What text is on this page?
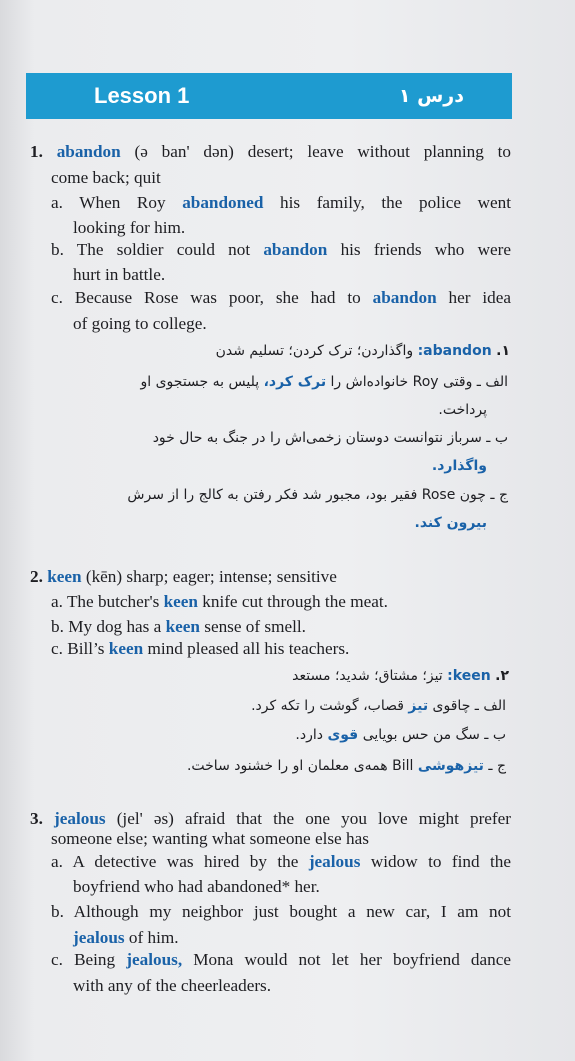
Lesson 1	درس ۱
1. abandon (ə ban' dən) desert; leave without planning to
come back; quit
a. When Roy abandoned his family, the police went
looking for him.
b. The soldier could not abandon his friends who were
hurt in battle.
c. Because Rose was poor, she had to abandon her idea
of going to college.
۱. abandon: واگذاردن؛ ترک کردن؛ تسلیم شدن
الف ـ وقتی Roy خانواده‌اش را ترک کرد، پلیس به جستجوی او
پرداخت.
ب ـ سرباز نتوانست دوستان زخمی‌اش را در جنگ به حال خود
واگذارد.
ج ـ چون Rose فقیر بود، مجبور شد فکر رفتن به کالج را از سرش
بیرون کند.
2. keen (kēn) sharp; eager; intense; sensitive
a. The butcher's keen knife cut through the meat.
b. My dog has a keen sense of smell.
c. Bill’s keen mind pleased all his teachers.
۲. keen: تیز؛ مشتاق؛ شدید؛ مستعد
الف ـ چاقوی تیز قصاب، گوشت را تکه کرد.
ب ـ سگ من حس بویایی قوی دارد.
ج ـ تیزهوشی Bill همه‌ی معلمان او را خشنود ساخت.
3. jealous (jel' əs) afraid that the one you love might prefer
someone else; wanting what someone else has
a. A detective was hired by the jealous widow to find the
boyfriend who had abandoned* her.
b. Although my neighbor just bought a new car, I am not
jealous of him.
c. Being jealous, Mona would not let her boyfriend dance
with any of the cheerleaders.
